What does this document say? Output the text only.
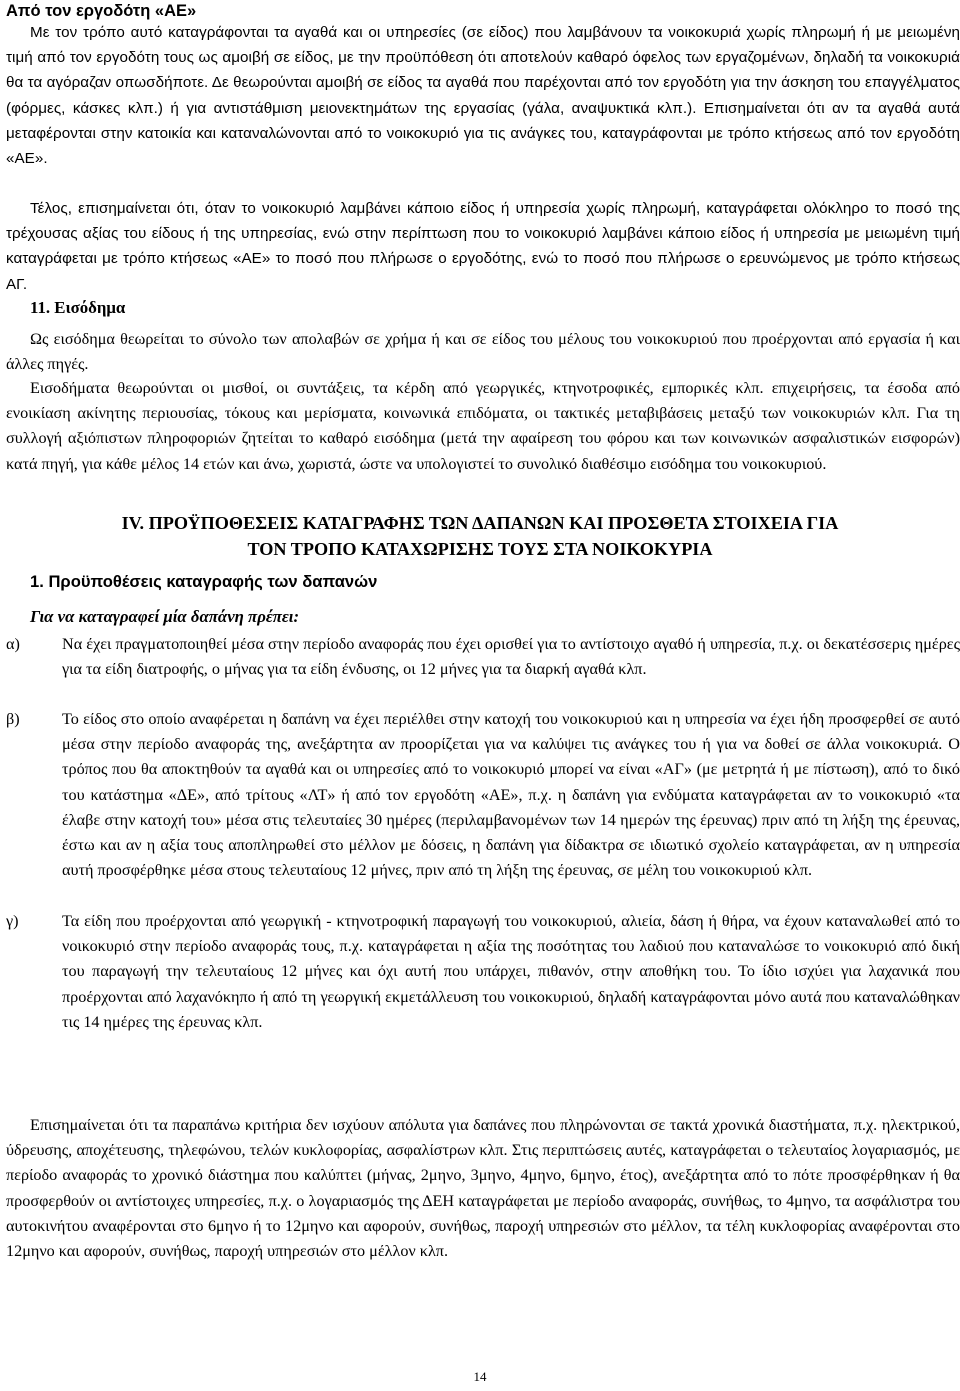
Από τον εργοδότη «ΑΕ»
Με τον τρόπο αυτό καταγράφονται τα αγαθά και οι υπηρεσίες (σε είδος) που λαμβάνουν τα νοικοκυριά χωρίς πληρωμή ή με μειωμένη τιμή από τον εργοδότη τους ως αμοιβή σε είδος, με την προϋπόθεση ότι αποτελούν καθαρό όφελος των εργαζομένων, δηλαδή τα νοικοκυριά θα τα αγόραζαν οπωσδήποτε. Δε θεωρούνται αμοιβή σε είδος τα αγαθά που παρέχονται από τον εργοδότη για την άσκηση του επαγγέλματος (φόρμες, κάσκες κλπ.) ή για αντιστάθμιση μειονεκτημάτων της εργασίας (γάλα, αναψυκτικά κλπ.). Επισημαίνεται ότι αν τα αγαθά αυτά μεταφέρονται στην κατοικία και καταναλώνονται από το νοικοκυριό για τις ανάγκες του, καταγράφονται με τρόπο κτήσεως από τον εργοδότη «ΑΕ».
Τέλος, επισημαίνεται ότι, όταν το νοικοκυριό λαμβάνει κάποιο είδος ή υπηρεσία χωρίς πληρωμή, καταγράφεται ολόκληρο το ποσό της τρέχουσας αξίας του είδους ή της υπηρεσίας, ενώ στην περίπτωση που το νοικοκυριό λαμβάνει κάποιο είδος ή υπηρεσία με μειωμένη τιμή καταγράφεται με τρόπο κτήσεως «ΑΕ» το ποσό που πλήρωσε ο εργοδότης, ενώ το ποσό που πλήρωσε ο ερευνώμενος με τρόπο κτήσεως ΑΓ.
11. Εισόδημα
Ως εισόδημα θεωρείται το σύνολο των απολαβών σε χρήμα ή και σε είδος του μέλους του νοικοκυριού που προέρχονται από εργασία ή και άλλες πηγές.
Εισοδήματα θεωρούνται οι μισθοί, οι συντάξεις, τα κέρδη από γεωργικές, κτηνοτροφικές, εμπορικές κλπ. επιχειρήσεις, τα έσοδα από ενοικίαση ακίνητης περιουσίας, τόκους και μερίσματα, κοινωνικά επιδόματα, οι τακτικές μεταβιβάσεις μεταξύ των νοικοκυριών κλπ. Για τη συλλογή αξιόπιστων πληροφοριών ζητείται το καθαρό εισόδημα (μετά την αφαίρεση του φόρου και των κοινωνικών ασφαλιστικών εισφορών) κατά πηγή, για κάθε μέλος 14 ετών και άνω, χωριστά, ώστε να υπολογιστεί το συνολικό διαθέσιμο εισόδημα του νοικοκυριού.
IV. ΠΡΟΫΠΟΘΕΣΕΙΣ ΚΑΤΑΓΡΑΦΗΣ ΤΩΝ ΔΑΠΑΝΩΝ ΚΑΙ ΠΡΟΣΘΕΤΑ ΣΤΟΙΧΕΙΑ ΓΙΑ
ΤΟΝ ΤΡΟΠΟ ΚΑΤΑΧΩΡΙΣΗΣ ΤΟΥΣ ΣΤΑ ΝΟΙΚΟΚΥΡΙΑ
1. Προϋποθέσεις καταγραφής των δαπανών
Για να καταγραφεί μία δαπάνη πρέπει:
α)	Να έχει πραγματοποιηθεί μέσα στην περίοδο αναφοράς που έχει ορισθεί για το αντίστοιχο αγαθό ή υπηρεσία, π.χ. οι δεκατέσσερις ημέρες για τα είδη διατροφής, ο μήνας για τα είδη ένδυσης, οι 12 μήνες για τα διαρκή αγαθά κλπ.
β)	Το είδος στο οποίο αναφέρεται η δαπάνη να έχει περιέλθει στην κατοχή του νοικοκυριού και η υπηρεσία να έχει ήδη προσφερθεί σε αυτό μέσα στην περίοδο αναφοράς της, ανεξάρτητα αν προορίζεται για να καλύψει τις ανάγκες του ή για να δοθεί σε άλλα νοικοκυριά. Ο τρόπος που θα αποκτηθούν τα αγαθά και οι υπηρεσίες από το νοικοκυριό μπορεί να είναι «ΑΓ» (με μετρητά ή με πίστωση), από το δικό του κατάστημα «ΔΕ», από τρίτους «ΛΤ» ή από τον εργοδότη «ΑΕ», π.χ. η δαπάνη για ενδύματα καταγράφεται αν το νοικοκυριό «τα έλαβε στην κατοχή του» μέσα στις τελευταίες 30 ημέρες (περιλαμβανομένων των 14 ημερών της έρευνας) πριν από τη λήξη της έρευνας, έστω και αν η αξία τους αποπληρωθεί στο μέλλον με δόσεις, η δαπάνη για δίδακτρα σε ιδιωτικό σχολείο καταγράφεται, αν η υπηρεσία αυτή προσφέρθηκε μέσα στους τελευταίους 12 μήνες, πριν από τη λήξη της έρευνας, σε μέλη του νοικοκυριού κλπ.
γ)	Τα είδη που προέρχονται από γεωργική - κτηνοτροφική παραγωγή του νοικοκυριού, αλιεία, δάση ή θήρα, να έχουν καταναλωθεί από το νοικοκυριό στην περίοδο αναφοράς τους, π.χ. καταγράφεται η αξία της ποσότητας του λαδιού που καταναλώσε το νοικοκυριό από δική του παραγωγή την τελευταίους 12 μήνες και όχι αυτή που υπάρχει, πιθανόν, στην αποθήκη του. Το ίδιο ισχύει για λαχανικά που προέρχονται από λαχανόκηπο ή από τη γεωργική εκμετάλλευση του νοικοκυριού, δηλαδή καταγράφονται μόνο αυτά που καταναλώθηκαν τις 14 ημέρες της έρευνας κλπ.
Επισημαίνεται ότι τα παραπάνω κριτήρια δεν ισχύουν απόλυτα για δαπάνες που πληρώνονται σε τακτά χρονικά διαστήματα, π.χ. ηλεκτρικού, ύδρευσης, αποχέτευσης, τηλεφώνου, τελών κυκλοφορίας, ασφαλίστρων κλπ. Στις περιπτώσεις αυτές, καταγράφεται ο τελευταίος λογαριασμός, με περίοδο αναφοράς το χρονικό διάστημα που καλύπτει (μήνας, 2μηνο, 3μηνο, 4μηνο, 6μηνο, έτος), ανεξάρτητα από το πότε προσφέρθηκαν ή θα προσφερθούν οι αντίστοιχες υπηρεσίες, π.χ. ο λογαριασμός της ΔΕΗ καταγράφεται με περίοδο αναφοράς, συνήθως, το 4μηνο, τα ασφάλιστρα του αυτοκινήτου αναφέρονται στο 6μηνο ή το 12μηνο και αφορούν, συνήθως, παροχή υπηρεσιών στο μέλλον, τα τέλη κυκλοφορίας αναφέρονται στο 12μηνο και αφορούν, συνήθως, παροχή υπηρεσιών στο μέλλον κλπ.
14
